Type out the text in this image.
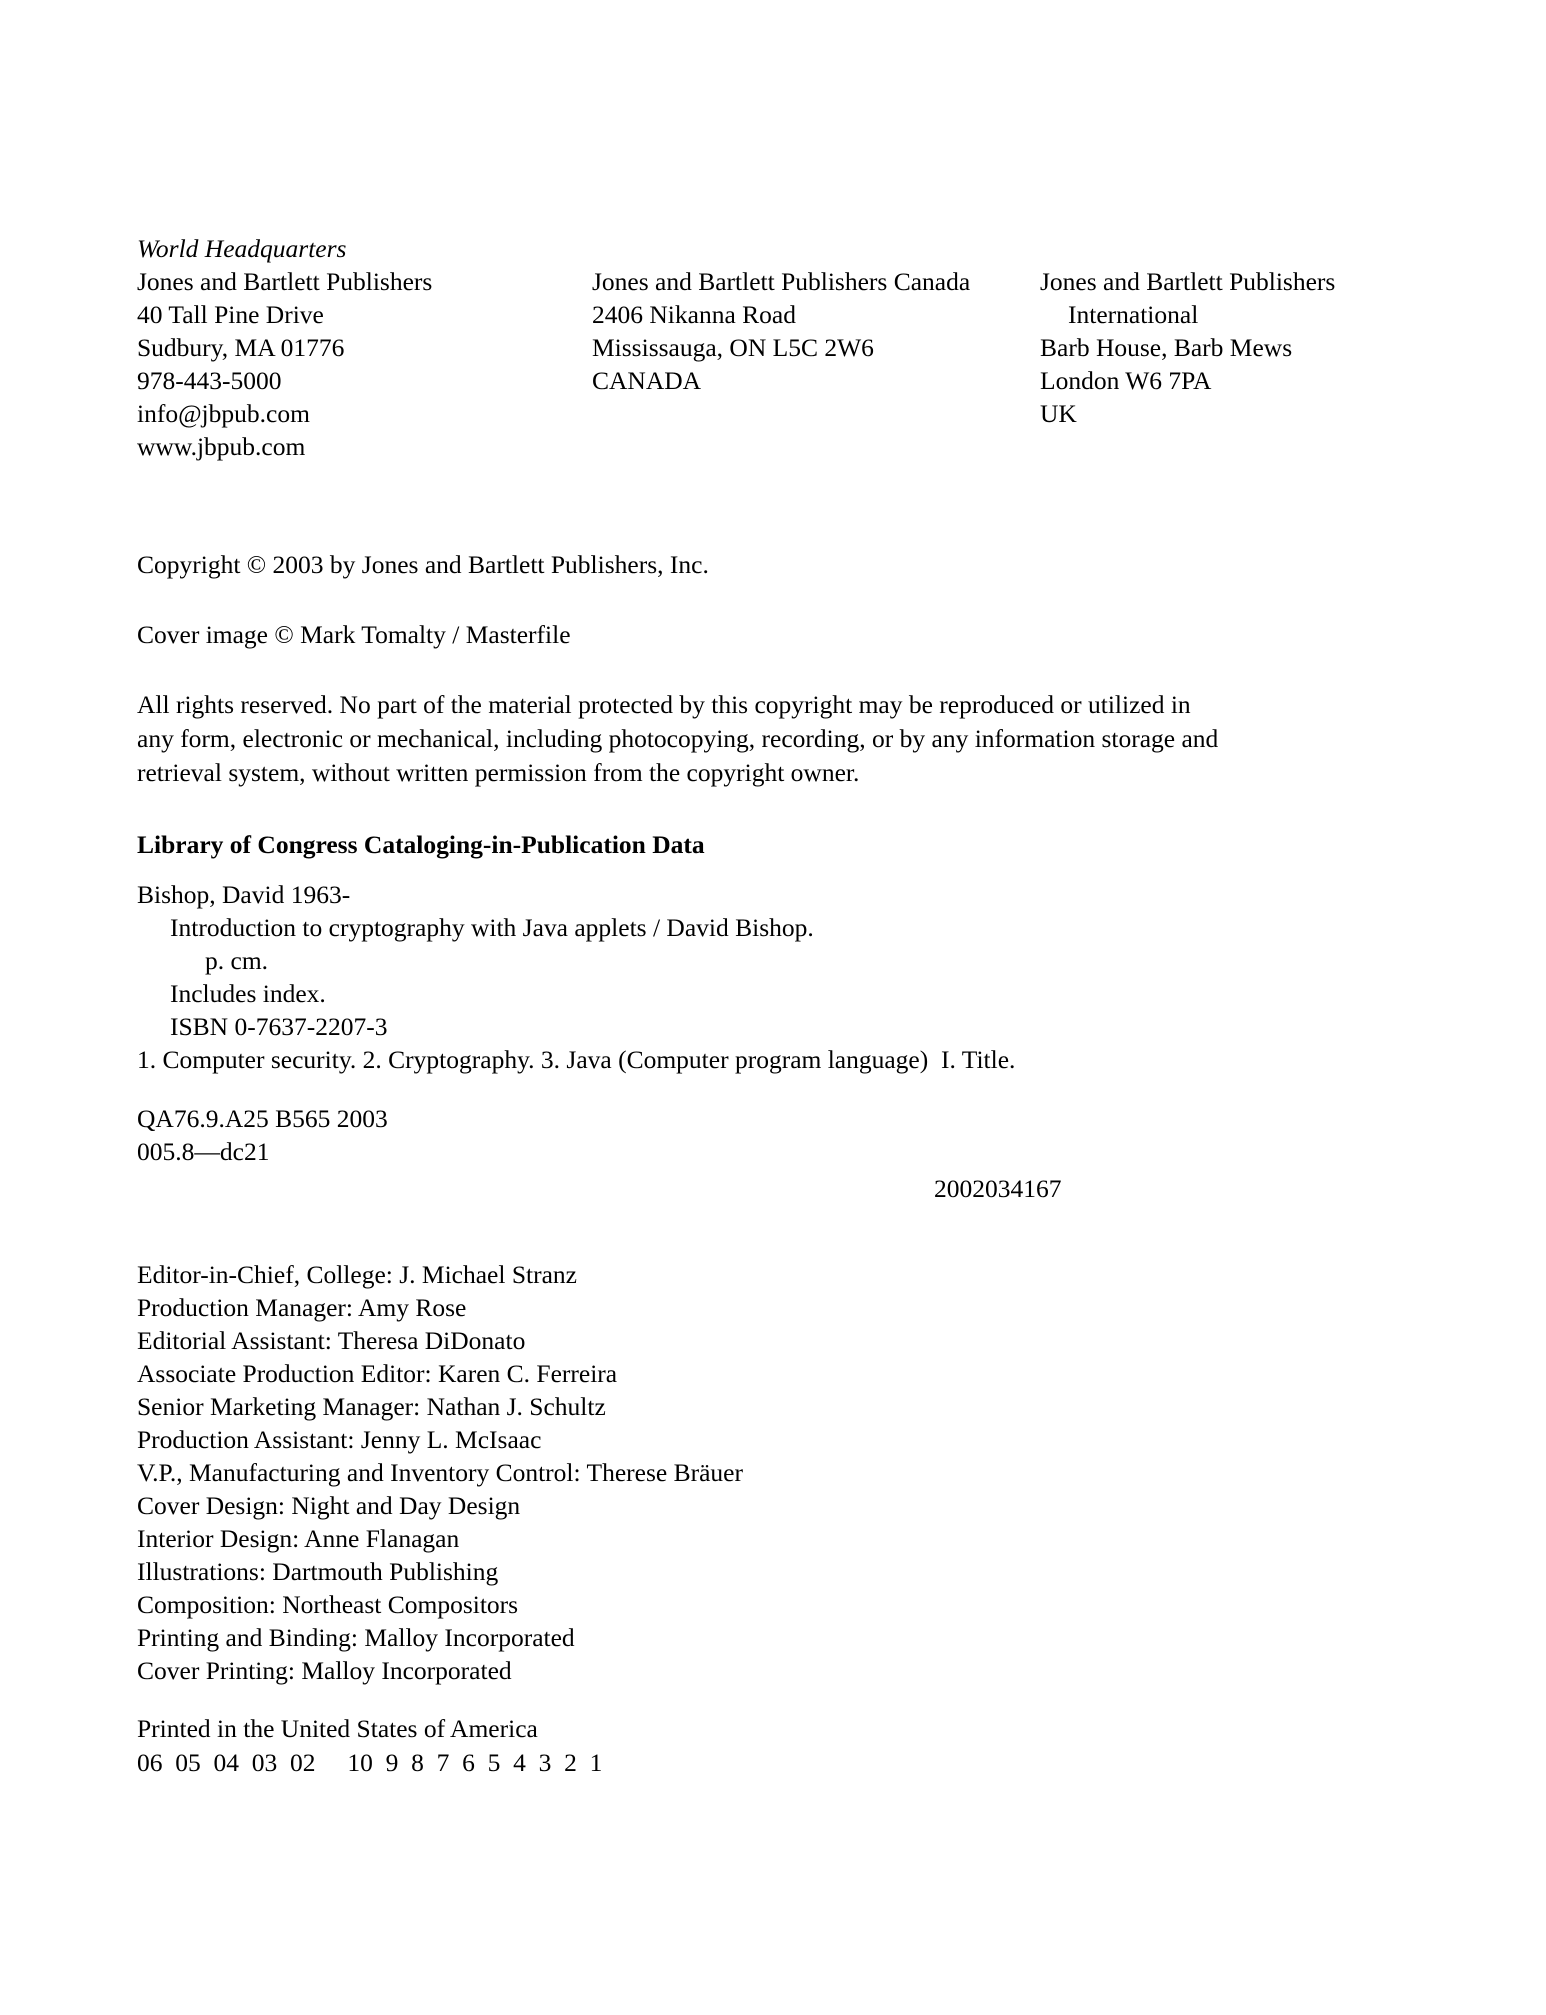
World Headquarters
Jones and Bartlett Publishers
40 Tall Pine Drive
Sudbury, MA 01776
978-443-5000
info@jbpub.com
www.jbpub.com
Jones and Bartlett Publishers Canada
2406 Nikanna Road
Mississauga, ON L5C 2W6
CANADA
Jones and Bartlett Publishers
International
Barb House, Barb Mews
London W6 7PA
UK
Copyright © 2003 by Jones and Bartlett Publishers, Inc.
Cover image © Mark Tomalty / Masterfile
All rights reserved. No part of the material protected by this copyright may be reproduced or utilized in
any form, electronic or mechanical, including photocopying, recording, or by any information storage and
retrieval system, without written permission from the copyright owner.
Library of Congress Cataloging-in-Publication Data
Bishop, David 1963-
Introduction to cryptography with Java applets / David Bishop.
p. cm.
Includes index.
ISBN 0-7637-2207-3
1. Computer security. 2. Cryptography. 3. Java (Computer program language)  I. Title.
QA76.9.A25 B565 2003
005.8—dc21
2002034167
Editor-in-Chief, College: J. Michael Stranz
Production Manager: Amy Rose
Editorial Assistant: Theresa DiDonato
Associate Production Editor: Karen C. Ferreira
Senior Marketing Manager: Nathan J. Schultz
Production Assistant: Jenny L. McIsaac
V.P., Manufacturing and Inventory Control: Therese Bräuer
Cover Design: Night and Day Design
Interior Design: Anne Flanagan
Illustrations: Dartmouth Publishing
Composition: Northeast Compositors
Printing and Binding: Malloy Incorporated
Cover Printing: Malloy Incorporated
Printed in the United States of America
06  05  04  03  02     10  9  8  7  6  5  4  3  2  1
